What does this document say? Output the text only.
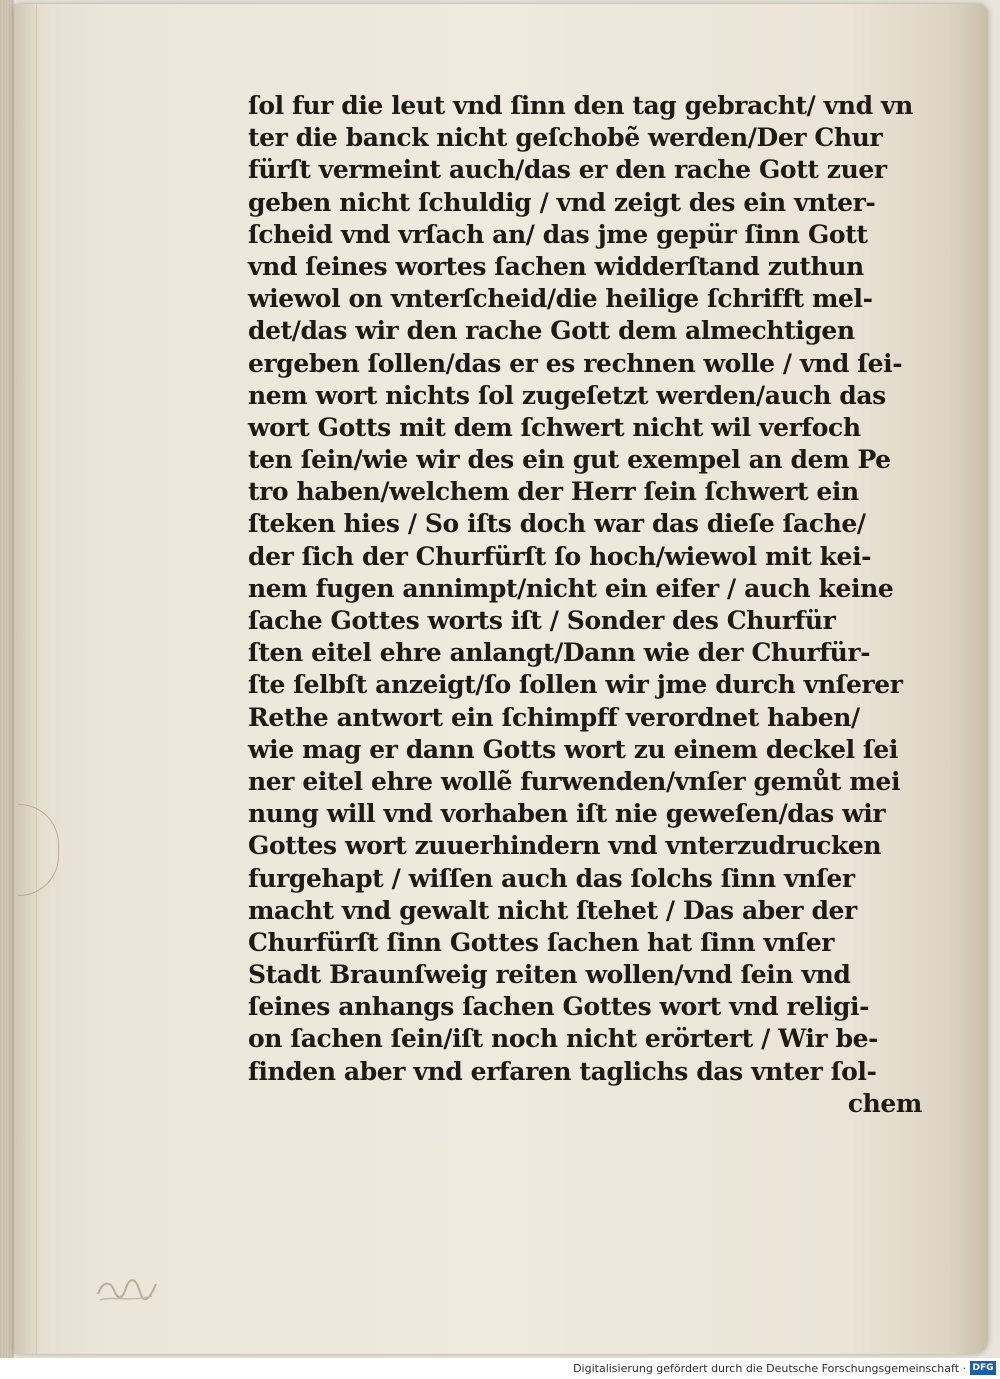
ſol fur die leut vnd ſinn den tag gebracht/ vnd vn
ter die banck nicht geſchobẽ werden/Der Chur
fürſt vermeint auch/das er den rache Gott zuer
geben nicht ſchuldig / vnd zeigt des ein vnter-
ſcheid vnd vrſach an/ das jme gepür ſinn Gott
vnd ſeines wortes ſachen widderſtand zuthun
wiewol on vnterſcheid/die heilige ſchrifft mel-
det/das wir den rache Gott dem almechtigen
ergeben ſollen/das er es rechnen wolle / vnd ſei-
nem wort nichts ſol zugeſetzt werden/auch das
wort Gotts mit dem ſchwert nicht wil verfoch
ten ſein/wie wir des ein gut exempel an dem Pe
tro haben/welchem der Herr ſein ſchwert ein
ſteken hies / So iſts doch war das dieſe ſache/
der ſich der Churfürſt ſo hoch/wiewol mit kei-
nem fugen annimpt/nicht ein eifer / auch keine
ſache Gottes worts iſt / Sonder des Churfür
ſten eitel ehre anlangt/Dann wie der Churfür-
ſte ſelbſt anzeigt/ſo ſollen wir jme durch vnſerer
Rethe antwort ein ſchimpff verordnet haben/
wie mag er dann Gotts wort zu einem deckel ſei
ner eitel ehre wollẽ furwenden/vnſer gemůt mei
nung will vnd vorhaben iſt nie geweſen/das wir
Gottes wort zuuerhindern vnd vnterzudrucken
furgehapt / wiſſen auch das ſolchs ſinn vnſer
macht vnd gewalt nicht ſtehet / Das aber der
Churfürſt ſinn Gottes ſachen hat ſinn vnſer
Stadt Braunſweig reiten wollen/vnd ſein vnd
ſeines anhangs ſachen Gottes wort vnd religi-
on ſachen ſein/iſt noch nicht erörtert / Wir be-
finden aber vnd erfaren taglichs das vnter ſol-
chem
Digitalisierung gefördert durch die Deutsche Forschungsgemeinschaft · DFG
